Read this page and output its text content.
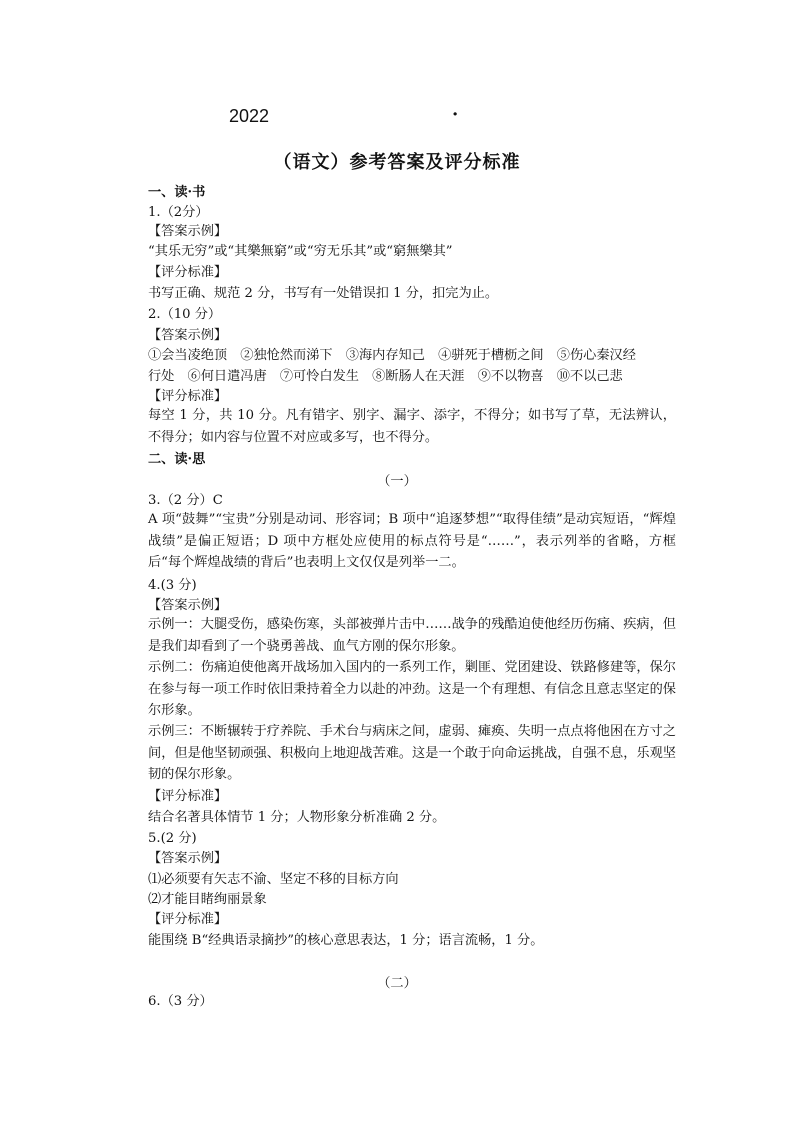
2022	·
（语文）参考答案及评分标准
一、读·书
1.（2分）
【答案示例】
“其乐无穷”或“其樂無窮”或“穷无乐其”或“窮無樂其”
【评分标准】
书写正确、规范 2 分，书写有一处错误扣 1 分，扣完为止。
2.（10 分）
【答案示例】
①会当凌绝顶　②独怆然而涕下　③海内存知己　④骈死于槽枥之间　⑤伤心秦汉经
行处　⑥何日遣冯唐　⑦可怜白发生　⑧断肠人在天涯　⑨不以物喜　⑩不以己悲
【评分标准】
每空 1 分，共 10 分。凡有错字、别字、漏字、添字，不得分；如书写了草，无法辨认，不得分；如内容与位置不对应或多写，也不得分。
二、读·思
（一）
3.（2 分）C
A 项“鼓舞”“宝贵”分别是动词、形容词；B 项中“追逐梦想”“取得佳绩”是动宾短语，“辉煌战绩”是偏正短语；D 项中方框处应使用的标点符号是“……”，表示列举的省略，方框后“每个辉煌战绩的背后”也表明上文仅仅是列举一二。
4.(3 分)
【答案示例】
示例一：大腿受伤，感染伤寒，头部被弹片击中……战争的残酷迫使他经历伤痛、疾病，但是我们却看到了一个骁勇善战、血气方刚的保尔形象。
示例二：伤痛迫使他离开战场加入国内的一系列工作，剿匪、党团建设、铁路修建等，保尔在参与每一项工作时依旧秉持着全力以赴的冲劲。这是一个有理想、有信念且意志坚定的保尔形象。
示例三：不断辗转于疗养院、手术台与病床之间，虚弱、瘫痪、失明一点点将他困在方寸之间，但是他坚韧顽强、积极向上地迎战苦难。这是一个敢于向命运挑战，自强不息，乐观坚韧的保尔形象。
【评分标准】
结合名著具体情节 1 分；人物形象分析准确 2 分。
5.(2 分)
【答案示例】
⑴必须要有矢志不渝、坚定不移的目标方向
⑵才能目睹绚丽景象
【评分标准】
能围绕 B“经典语录摘抄”的核心意思表达，1 分；语言流畅，1 分。
（二）
6.（3 分）
